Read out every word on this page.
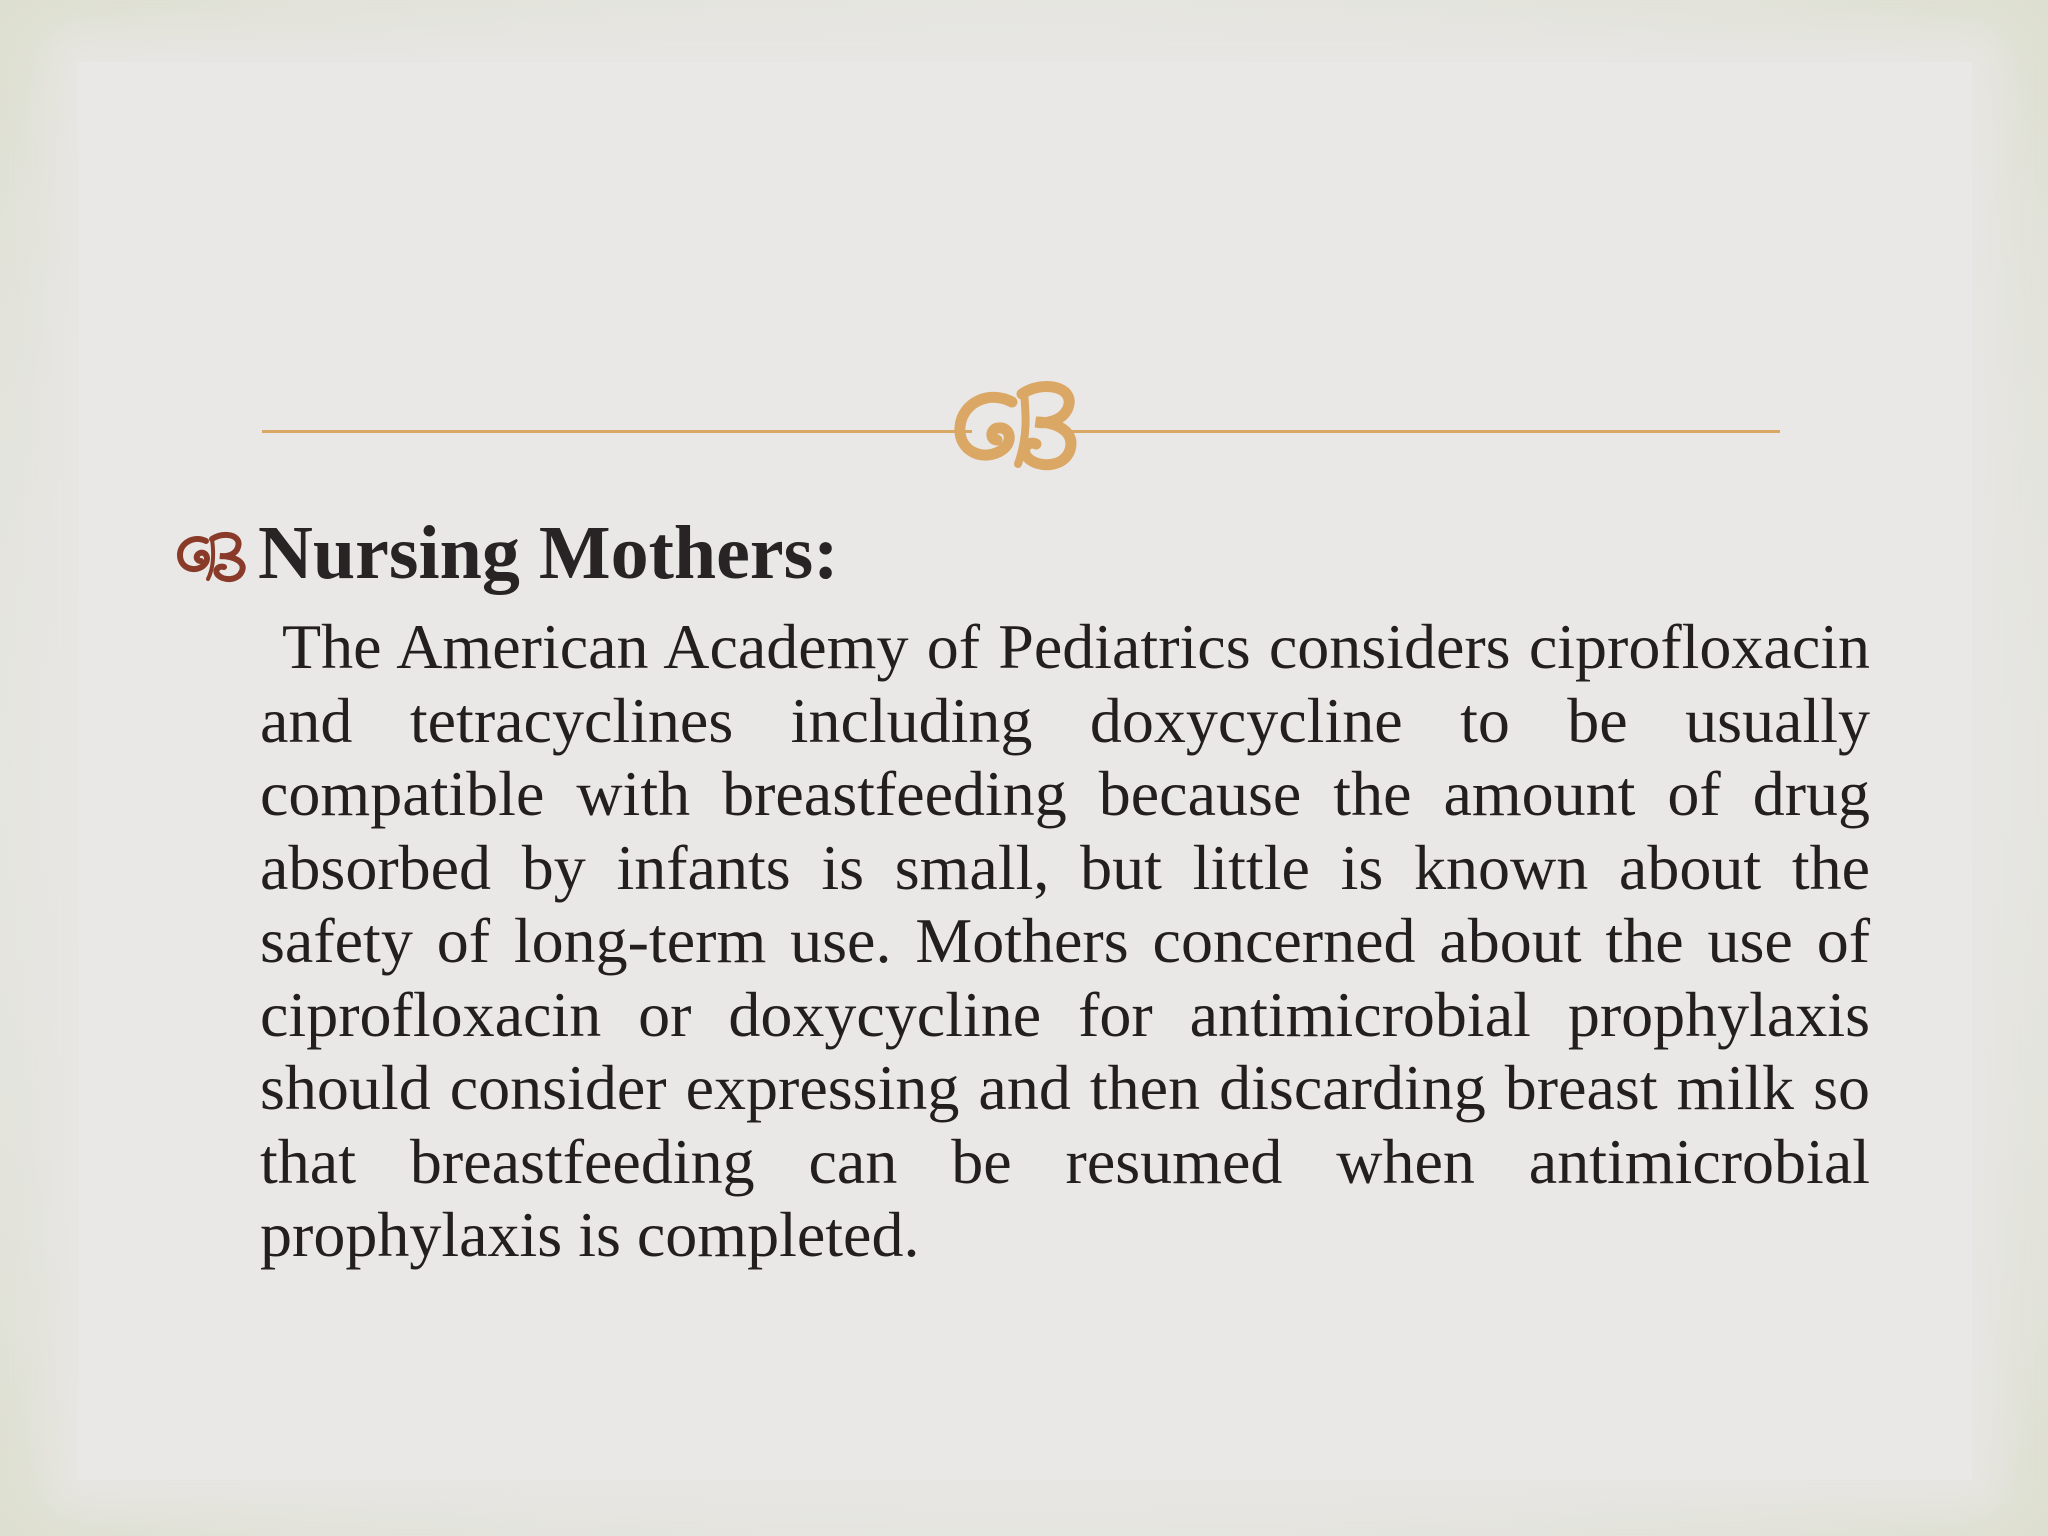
Nursing Mothers:

The American Academy of Pediatrics considers ciprofloxacin and tetracyclines including doxycycline to be usually compatible with breastfeeding because the amount of drug absorbed by infants is small, but little is known about the safety of long-term use. Mothers concerned about the use of ciprofloxacin or doxycycline for antimicrobial prophylaxis should consider expressing and then discarding breast milk so that breastfeeding can be resumed when antimicrobial prophylaxis is completed.
